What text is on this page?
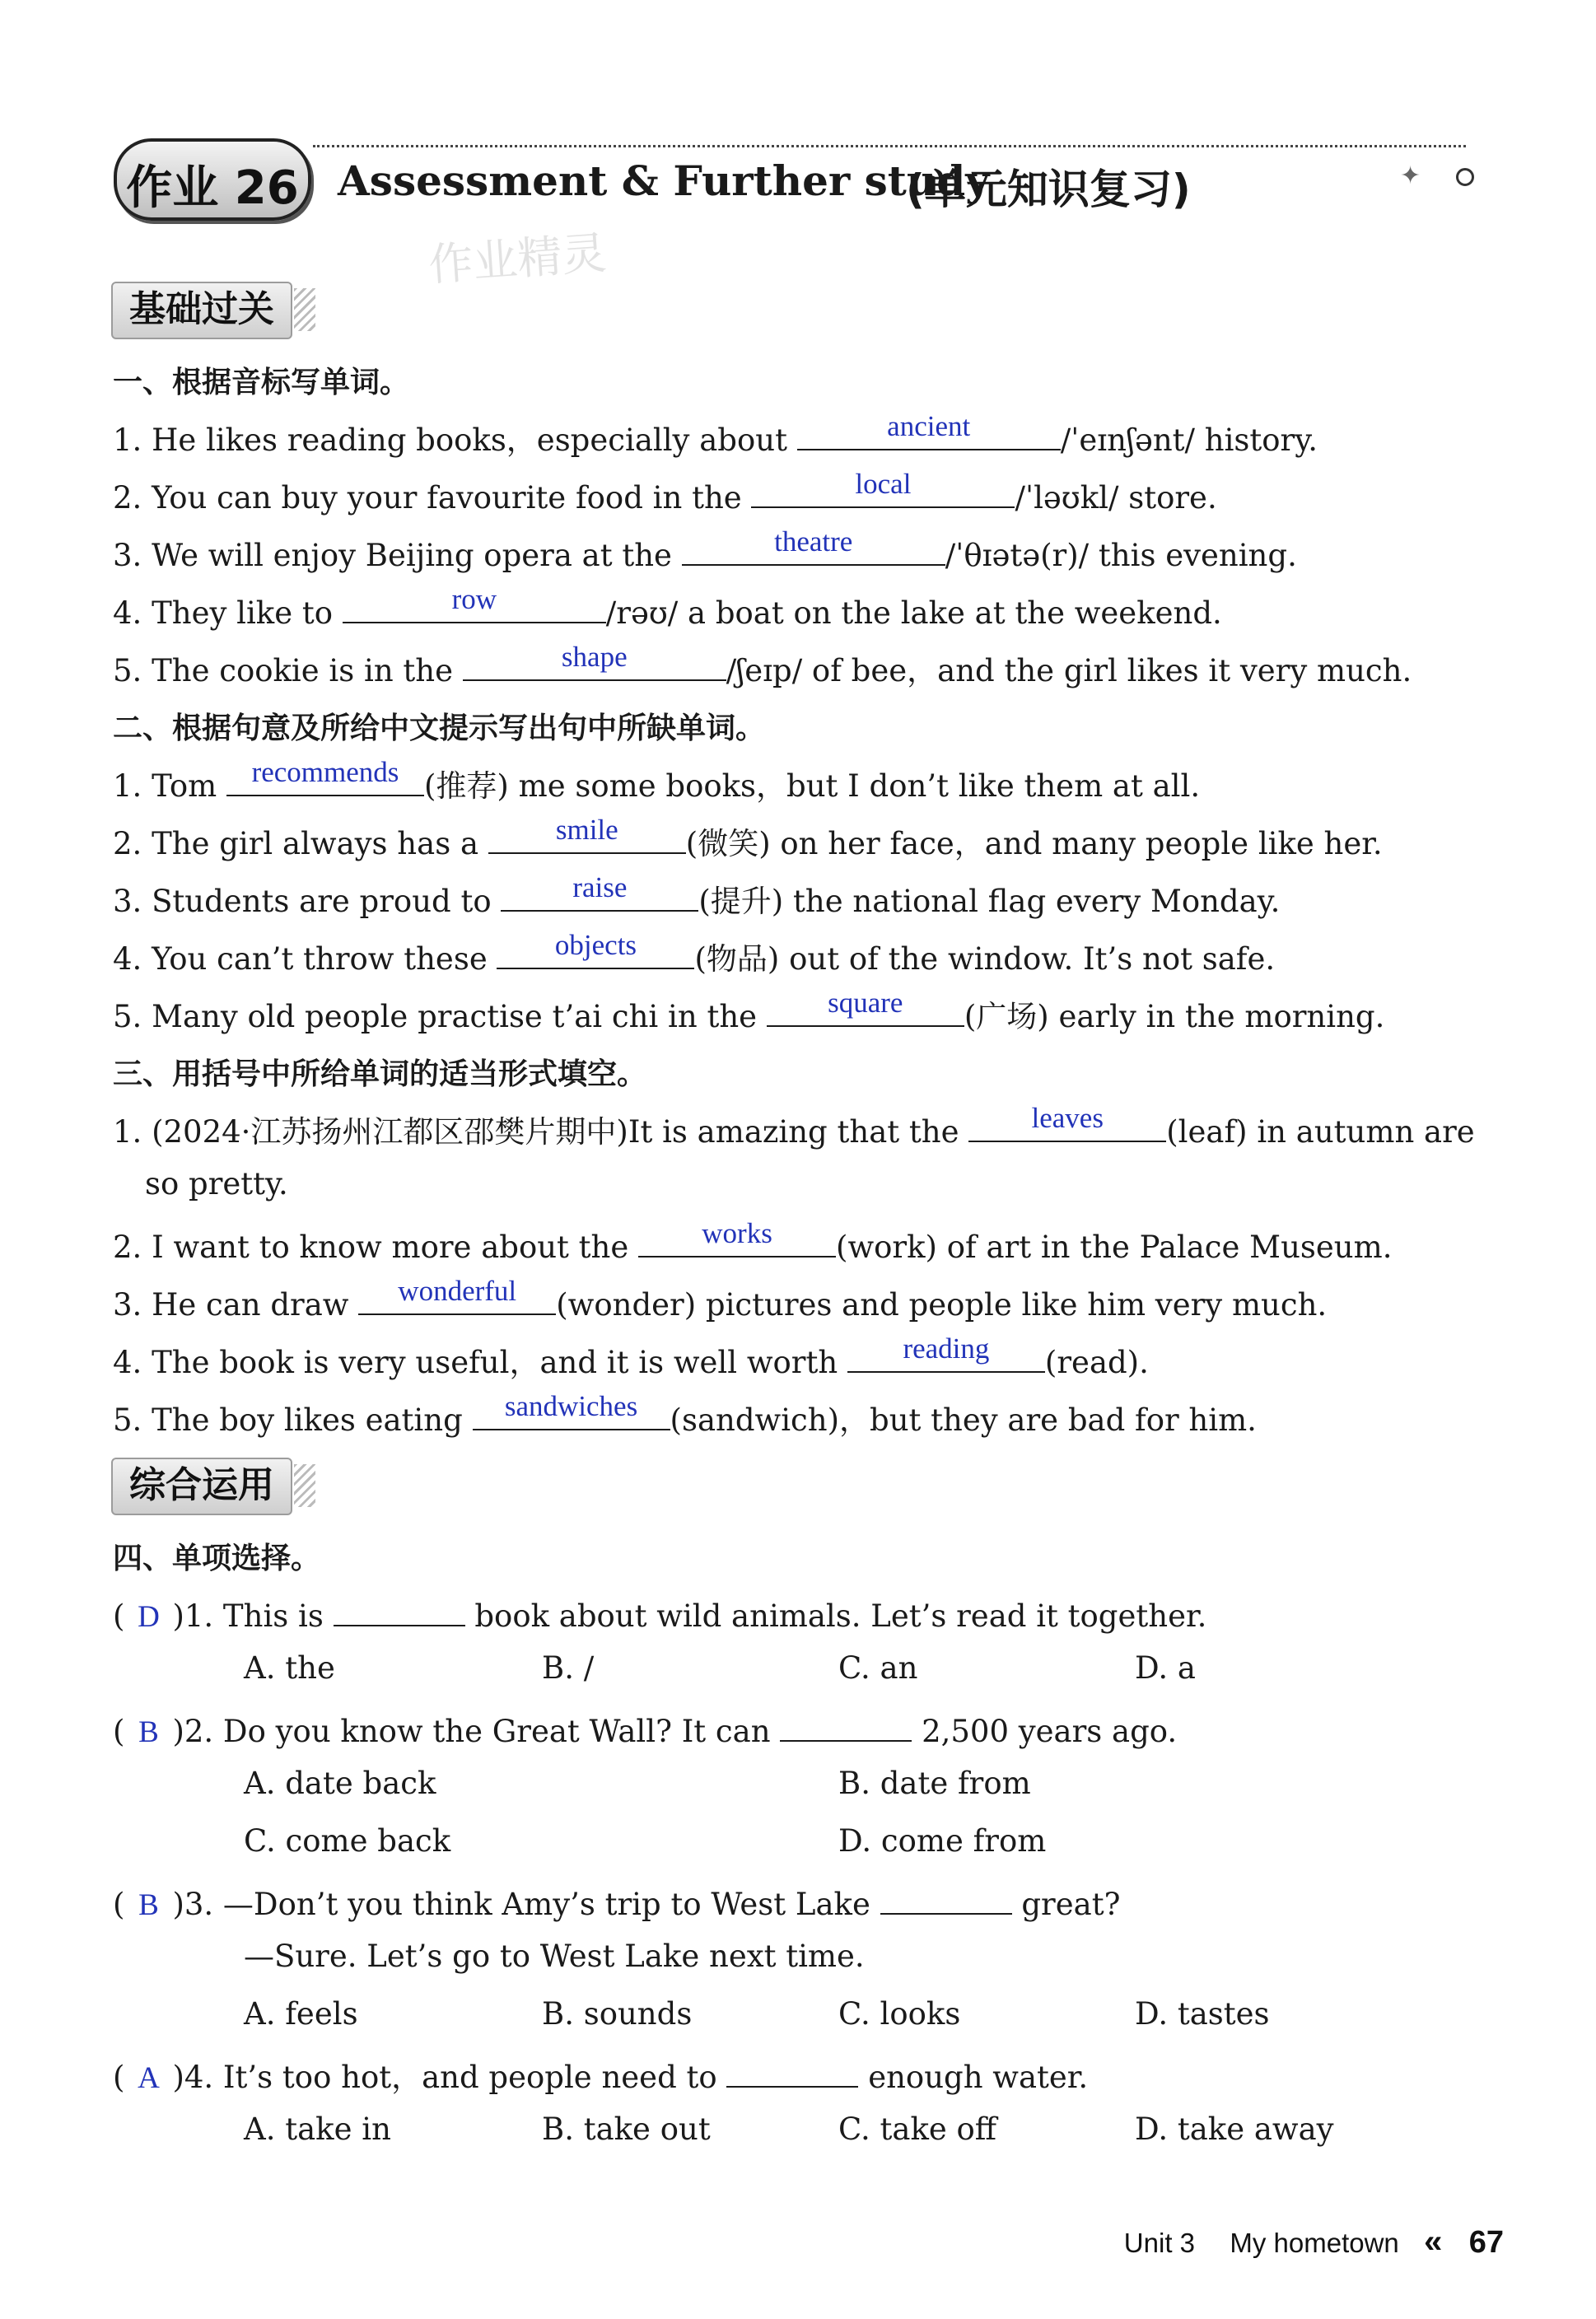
作业 26	✦
Assessment & Further study
(单元知识复习)
作业精灵
基础过关
一、根据音标写单词。
1. He likes reading books，especially about	ancient	/ˈeɪnʃənt/ history.
2. You can buy your favourite food in the	local	/ˈləʊkl/ store.
3. We will enjoy Beijing opera at the	theatre	/ˈθɪətə(r)/ this evening.
4. They like to	row	/rəʊ/ a boat on the lake at the weekend.
5. The cookie is in the	shape	/ʃeɪp/ of bee，and the girl likes it very much.
二、根据句意及所给中文提示写出句中所缺单词。
1. Tom recommends (推荐) me some books，but I don’t like them at all.
2. The girl always has a	smile	(微笑) on her face，and many people like her.
3. Students are proud to	raise	(提升) the national flag every Monday.
4. You can’t throw these	objects	(物品) out of the window. It’s not safe.
5. Many old people practise t’ai chi in the	square	(广场) early in the morning.
三、用括号中所给单词的适当形式填空。
1. (2024·江苏扬州江都区邵樊片期中)It is amazing that the	leaves	(leaf) in autumn are
so pretty.
2. I want to know more about the	works	(work) of art in the Palace Museum.
3. He can draw	wonderful	(wonder) pictures and people like him very much.
4. The book is very useful，and it is well worth	reading	(read).
5. The boy likes eating	sandwiches	(sandwich)，but they are bad for him.
综合运用
四、单项选择。
( D )1. This is	book about wild animals. Let’s read it together.
A. the	B. /	C. an	D. a
( B )2. Do you know the Great Wall? It can	2,500 years ago.
A. date back	B. date from
C. come back	D. come from
( B )3. —Don’t you think Amy’s trip to West Lake	great?
—Sure. Let’s go to West Lake next time.
A. feels	B. sounds	C. looks	D. tastes
( A )4. It’s too hot，and people need to	enough water.
A. take in	B. take out	C. take off	D. take away
Unit 3 My hometown « 67
